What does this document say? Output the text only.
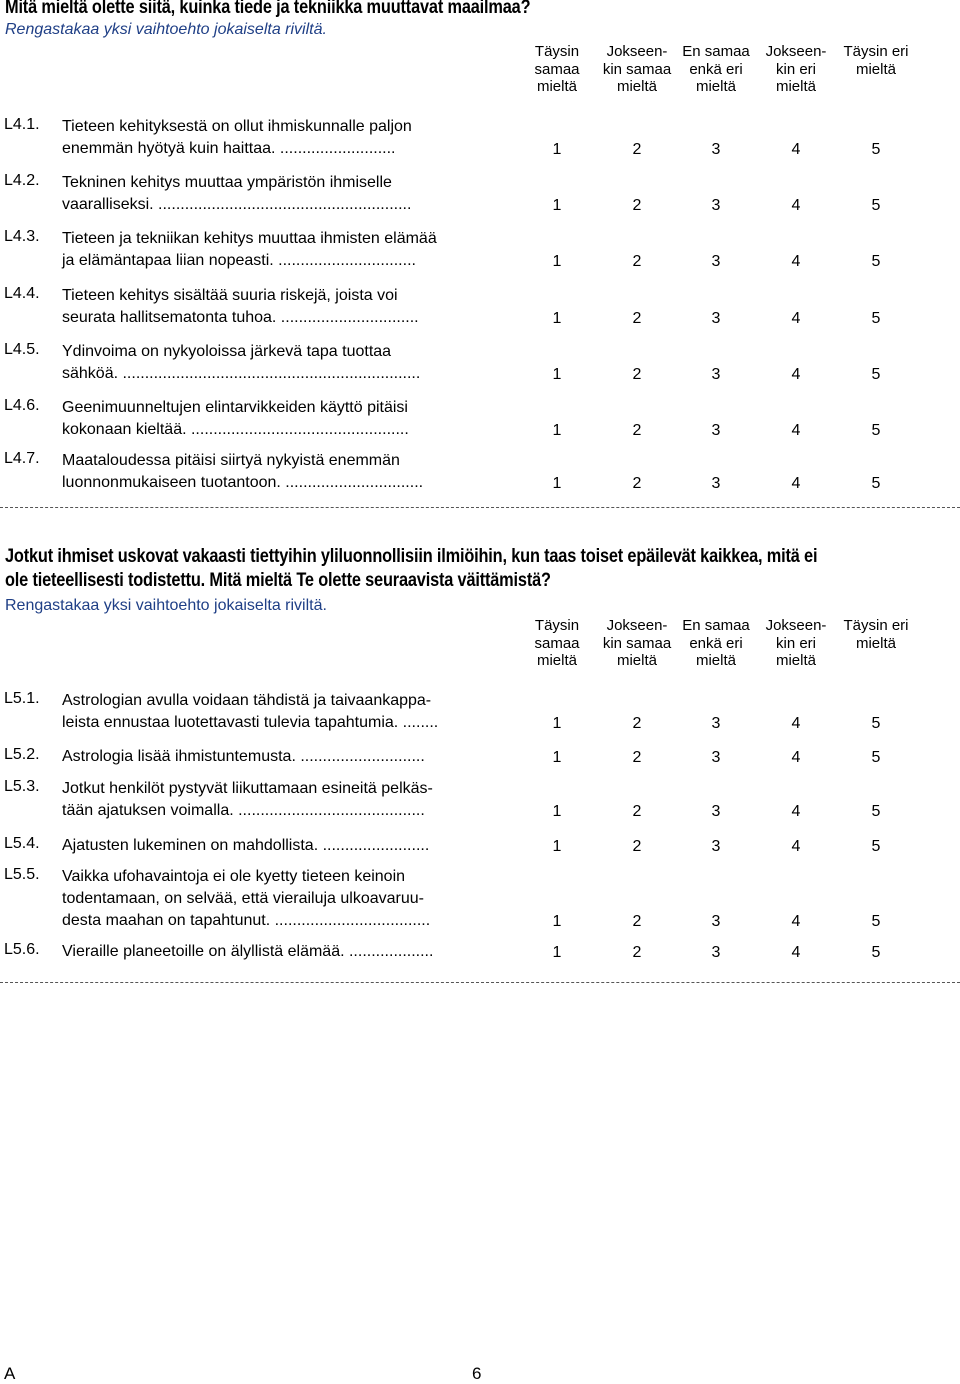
Mitä mieltä olette siitä, kuinka tiede ja tekniikka muuttavat maailmaa?
Rengastakaa yksi vaihtoehto jokaiselta riviltä.
Täysin samaa mieltä
Jokseen- kin samaa mieltä
En samaa enkä eri mieltä
Jokseen- kin eri mieltä
Täysin eri mieltä
L4.1. Tieteen kehityksestä on ollut ihmiskunnalle paljon
enemmän hyötyä kuin haittaa. ..........................	1	2	3	4	5
L4.2. Tekninen kehitys muuttaa ympäristön ihmiselle
vaaralliseksi. .........................................................	1	2	3	4	5
L4.3. Tieteen ja tekniikan kehitys muuttaa ihmisten elämää
ja elämäntapaa liian nopeasti. ...............................	1	2	3	4	5
L4.4. Tieteen kehitys sisältää suuria riskejä, joista voi
seurata hallitsematonta tuhoa. ...............................	1	2	3	4	5
L4.5. Ydinvoima on nykyoloissa järkevä tapa tuottaa
sähköä. ...................................................................	1	2	3	4	5
L4.6. Geenimuunneltujen elintarvikkeiden käyttö pitäisi
kokonaan kieltää. .................................................	1	2	3	4	5
L4.7. Maataloudessa pitäisi siirtyä nykyistä enemmän
luonnonmukaiseen tuotantoon. ...............................	1	2	3	4	5
Jotkut ihmiset uskovat vakaasti tiettyihin yliluonnollisiin ilmiöihin, kun taas toiset epäilevät kaikkea, mitä ei
ole tieteellisesti todistettu. Mitä mieltä Te olette seuraavista väittämistä?
Rengastakaa yksi vaihtoehto jokaiselta riviltä.
Täysin samaa mieltä
Jokseen- kin samaa mieltä
En samaa enkä eri mieltä
Jokseen- kin eri mieltä
Täysin eri mieltä
L5.1. Astrologian avulla voidaan tähdistä ja taivaankappa-
leista ennustaa luotettavasti tulevia tapahtumia. ........	1	2	3	4	5
L5.2. Astrologia lisää ihmistuntemusta. ............................	1	2	3	4	5
L5.3. Jotkut henkilöt pystyvät liikuttamaan esineitä pelkäs-
tään ajatuksen voimalla. ..........................................	1	2	3	4	5
L5.4. Ajatusten lukeminen on mahdollista. ........................	1	2	3	4	5
L5.5. Vaikka ufohavaintoja ei ole kyetty tieteen keinoin
todentamaan, on selvää, että vierailuja ulkoavaruu-
desta maahan on tapahtunut. ...................................	1	2	3	4	5
L5.6. Vieraille planeetoille on älyllistä elämää. ...................	1	2	3	4	5
A	6
